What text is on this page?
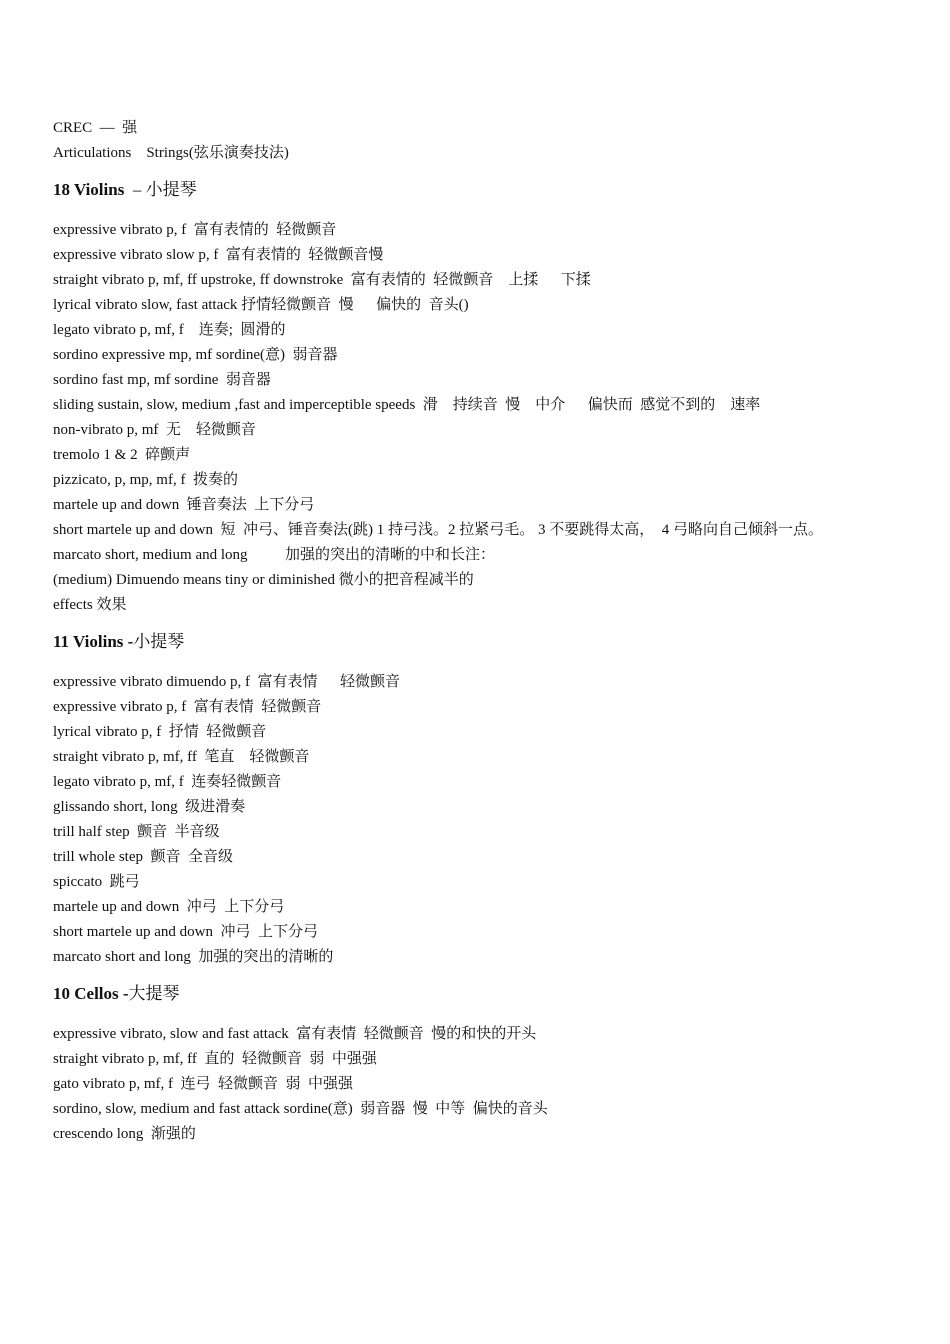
CREC  —  强
Articulations    Strings(弦乐演奏技法)
18 Violins  – 小提琴
expressive vibrato p, f  富有表情的  轻微颤音
expressive vibrato slow p, f  富有表情的  轻微颤音慢
straight vibrato p, mf, ff upstroke, ff downstroke  富有表情的  轻微颤音    上揉      下揉
lyrical vibrato slow, fast attack 抒情轻微颤音  慢      偏快的  音头()
legato vibrato p, mf, f    连奏;  圆滑的
sordino expressive mp, mf sordine(意)  弱音器
sordino fast mp, mf sordine  弱音器
sliding sustain, slow, medium ,fast and imperceptible speeds  滑    持续音  慢    中介      偏快而  感觉不到的    速率
non-vibrato p, mf  无    轻微颤音
tremolo 1 & 2  碎颤声
pizzicato, p, mp, mf, f  拨奏的
martele up and down  锤音奏法  上下分弓
short martele up and down  短  冲弓、锤音奏法(跳) 1 持弓浅。2 拉紧弓毛。 3 不要跳得太高，  4 弓略向自己倾斜一点。
marcato short, medium and long          加强的突出的清晰的中和长注：
(medium) Dimuendo means tiny or diminished 微小的把音程减半的
effects 效果
11 Violins -小提琴
expressive vibrato dimuendo p, f  富有表情      轻微颤音
expressive vibrato p, f  富有表情  轻微颤音
lyrical vibrato p, f  抒情  轻微颤音
straight vibrato p, mf, ff  笔直    轻微颤音
legato vibrato p, mf, f  连奏轻微颤音
glissando short, long  级进滑奏
trill half step  颤音  半音级
trill whole step  颤音  全音级
spiccato  跳弓
martele up and down  冲弓  上下分弓
short martele up and down  冲弓  上下分弓
marcato short and long  加强的突出的清晰的
10 Cellos -大提琴
expressive vibrato, slow and fast attack  富有表情  轻微颤音  慢的和快的开头
straight vibrato p, mf, ff  直的  轻微颤音  弱  中强强
gato vibrato p, mf, f  连弓  轻微颤音  弱  中强强
sordino, slow, medium and fast attack sordine(意)  弱音器  慢  中等  偏快的音头
crescendo long  渐强的
